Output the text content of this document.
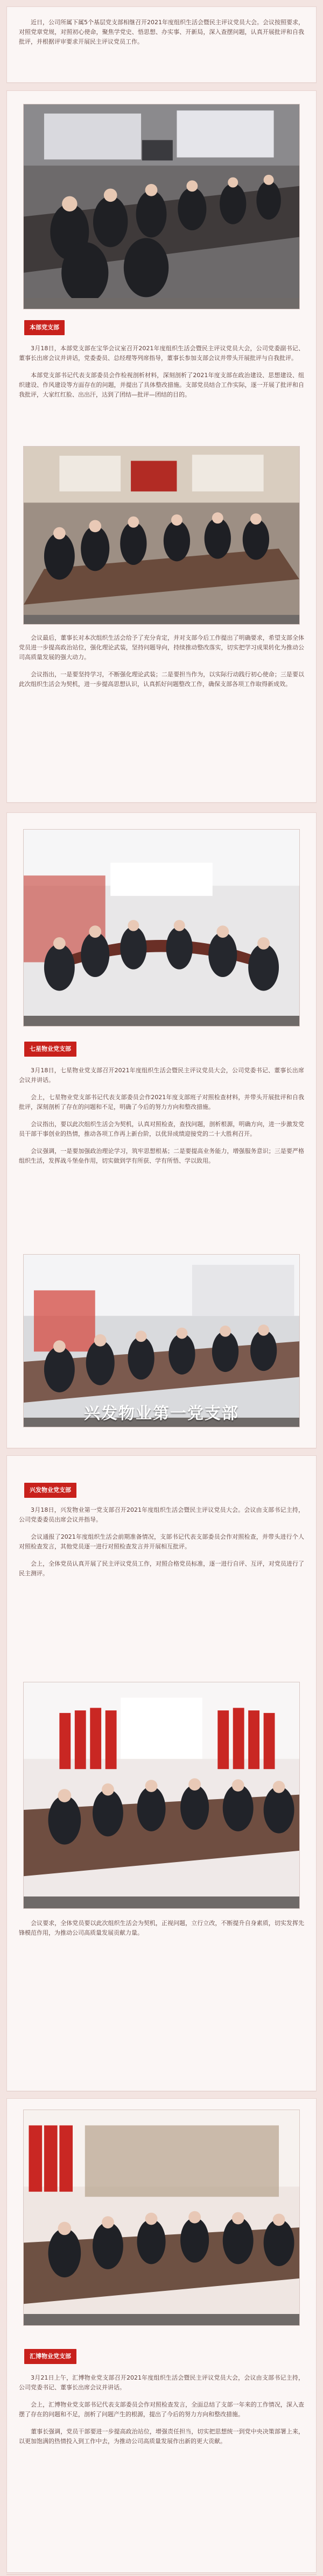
近日，公司所属下属5个基层党支部相继召开2021年度组织生活会暨民主评议党员大会。会议按照要求，对照党章党规，对照初心使命，聚焦学党史、悟思想、办实事、开新局，深入查摆问题，认真开展批评和自我批评，并根据评审要求开展民主评议党员工作。

本部党支部

3月18日，本部党支部在宝华会议室召开2021年度组织生活会暨民主评议党员大会，公司党委副书记、董事长出席会议并讲话，党委委员、总经理等列席指导，董事长参加支部会议并带头开展批评与自我批评。

本部党支部书记代表支部委员会作检视剖析材料，深刻剖析了2021年度支部在政治建设、思想建设、组织建设、作风建设等方面存在的问题，并提出了具体整改措施。支部党员结合工作实际，逐一开展了批评和自我批评，大家红红脸、出出汗，达到了团结—批评—团结的目的。

会议最后，董事长对本次组织生活会给予了充分肯定，并对支部今后工作提出了明确要求，希望支部全体党员进一步提高政治站位，强化理论武装，坚持问题导向，持续推动整改落实，切实把学习成果转化为推动公司高质量发展的强大动力。

会议指出，一是要坚持学习，不断强化理论武装；二是要担当作为，以实际行动践行初心使命；三是要以此次组织生活会为契机，进一步提高思想认识，认真抓好问题整改工作，确保支部各项工作取得新成效。

七星物业党支部

3月18日，七星物业党支部召开2021年度组织生活会暨民主评议党员大会，公司党委书记、董事长出席会议并讲话。

会上，七星物业党支部书记代表支部委员会作2021年度支部班子对照检查材料，并带头开展批评和自我批评，深刻剖析了存在的问题和不足，明确了今后的努力方向和整改措施。

会议指出，要以此次组织生活会为契机，认真对照检查，查找问题，剖析根源，明确方向，进一步激发党员干部干事创业的热情，推动各项工作再上新台阶，以优异成绩迎接党的二十大胜利召开。

会议强调，一是要加强政治理论学习，筑牢思想根基；二是要提高业务能力，增强服务意识；三是要严格组织生活，发挥战斗堡垒作用，切实做到学有所获、学有所悟、学以致用。

兴发物业第一党支部
兴发物业党支部

3月18日，兴发物业第一党支部召开2021年度组织生活会暨民主评议党员大会。会议由支部书记主持，公司党委委员出席会议并指导。

会议通报了2021年度组织生活会前期准备情况，支部书记代表支部委员会作对照检查，并带头进行个人对照检查发言，其他党员逐一进行对照检查发言并开展相互批评。

会上，全体党员认真开展了民主评议党员工作，对照合格党员标准，逐一进行自评、互评，对党员进行了民主测评。

会议要求，全体党员要以此次组织生活会为契机，正视问题，立行立改，不断提升自身素质，切实发挥先锋模范作用，为推动公司高质量发展贡献力量。

汇博物业党支部

3月21日上午，汇博物业党支部召开2021年度组织生活会暨民主评议党员大会，会议由支部书记主持，公司党委书记、董事长出席会议并讲话。

会上，汇博物业党支部书记代表支部委员会作对照检查发言，全面总结了支部一年来的工作情况，深入查摆了存在的问题和不足，剖析了问题产生的根源，提出了今后的努力方向和整改措施。

董事长强调，党员干部要进一步提高政治站位，增强责任担当，切实把思想统一到党中央决策部署上来，以更加饱满的热情投入到工作中去，为推动公司高质量发展作出新的更大贡献。
